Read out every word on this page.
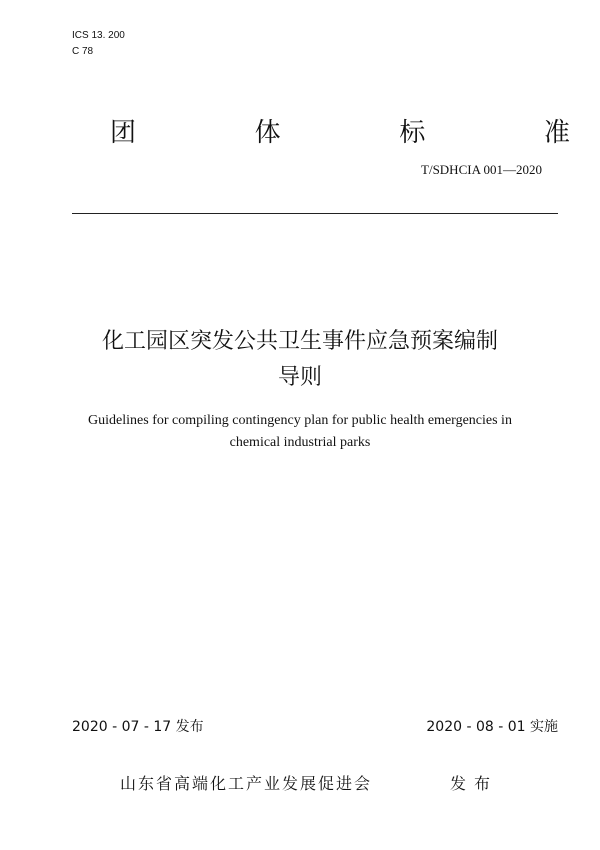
ICS 13. 200
C 78
团	体	标	准
T/SDHCIA 001—2020
化工园区突发公共卫生事件应急预案编制
导则
Guidelines for compiling contingency plan for public health emergencies in
chemical industrial parks
2020 - 07 - 17 发布	2020 - 08 - 01 实施
山东省高端化工产业发展促进会	发布
